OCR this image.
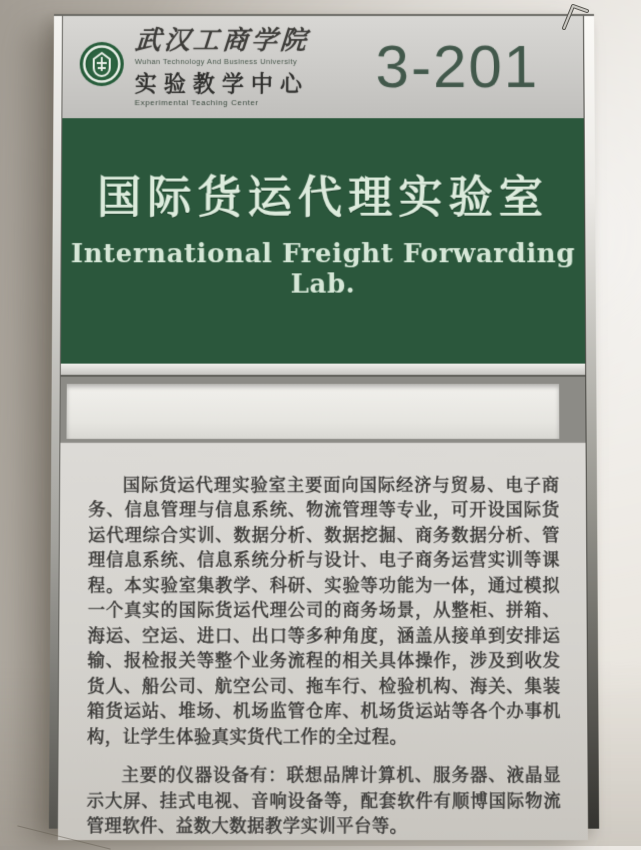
武汉工商学院
Wuhan Technology And Business University
实验教学中心
Experimental Teaching Center
3-201
国际货运代理实验室
International Freight Forwarding Lab.

国际货运代理实验室主要面向国际经济与贸易、电子商务、信息管理与信息系统、物流管理等专业，可开设国际货运代理综合实训、数据分析、数据挖掘、商务数据分析、管理信息系统、信息系统分析与设计、电子商务运营实训等课程。本实验室集教学、科研、实验等功能为一体，通过模拟一个真实的国际货运代理公司的商务场景，从整柜、拼箱、海运、空运、进口、出口等多种角度，涵盖从接单到安排运输、报检报关等整个业务流程的相关具体操作，涉及到收发货人、船公司、航空公司、拖车行、检验机构、海关、集装箱货运站、堆场、机场监管仓库、机场货运站等各个办事机构，让学生体验真实货代工作的全过程。

主要的仪器设备有：联想品牌计算机、服务器、液晶显示大屏、挂式电视、音响设备等，配套软件有顺博国际物流管理软件、益数大数据教学实训平台等。
